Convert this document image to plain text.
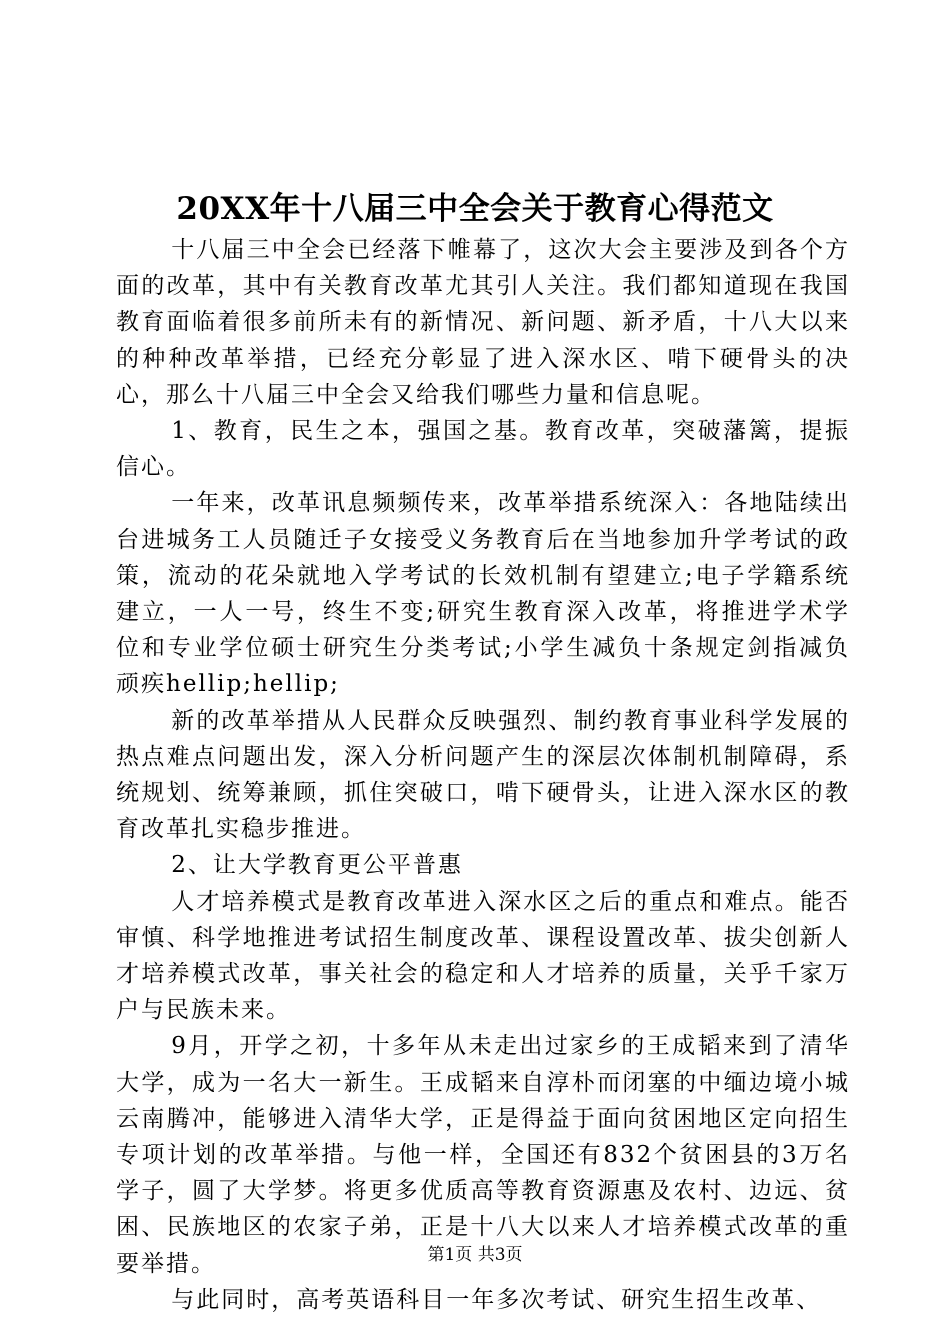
20XX年十八届三中全会关于教育心得范文

十八届三中全会已经落下帷幕了，这次大会主要涉及到各个方面的改革，其中有关教育改革尤其引人关注。我们都知道现在我国教育面临着很多前所未有的新情况、新问题、新矛盾，十八大以来的种种改革举措，已经充分彰显了进入深水区、啃下硬骨头的决心，那么十八届三中全会又给我们哪些力量和信息呢。

1、教育，民生之本，强国之基。教育改革，突破藩篱，提振信心。

一年来，改革讯息频频传来，改革举措系统深入：各地陆续出台进城务工人员随迁子女接受义务教育后在当地参加升学考试的政策，流动的花朵就地入学考试的长效机制有望建立;电子学籍系统建立，一人一号，终生不变;研究生教育深入改革，将推进学术学位和专业学位硕士研究生分类考试;小学生减负十条规定剑指减负顽疾hellip;hellip;

新的改革举措从人民群众反映强烈、制约教育事业科学发展的热点难点问题出发，深入分析问题产生的深层次体制机制障碍，系统规划、统筹兼顾，抓住突破口，啃下硬骨头，让进入深水区的教育改革扎实稳步推进。

2、让大学教育更公平普惠

人才培养模式是教育改革进入深水区之后的重点和难点。能否审慎、科学地推进考试招生制度改革、课程设置改革、拔尖创新人才培养模式改革，事关社会的稳定和人才培养的质量，关乎千家万户与民族未来。

9月，开学之初，十多年从未走出过家乡的王成韬来到了清华大学，成为一名大一新生。王成韬来自淳朴而闭塞的中缅边境小城云南腾冲，能够进入清华大学，正是得益于面向贫困地区定向招生专项计划的改革举措。与他一样，全国还有832个贫困县的3万名学子，圆了大学梦。将更多优质高等教育资源惠及农村、边远、贫困、民族地区的农家子弟，正是十八大以来人才培养模式改革的重要举措。

与此同时，高考英语科目一年多次考试、研究生招生改革、

第1页 共3页
